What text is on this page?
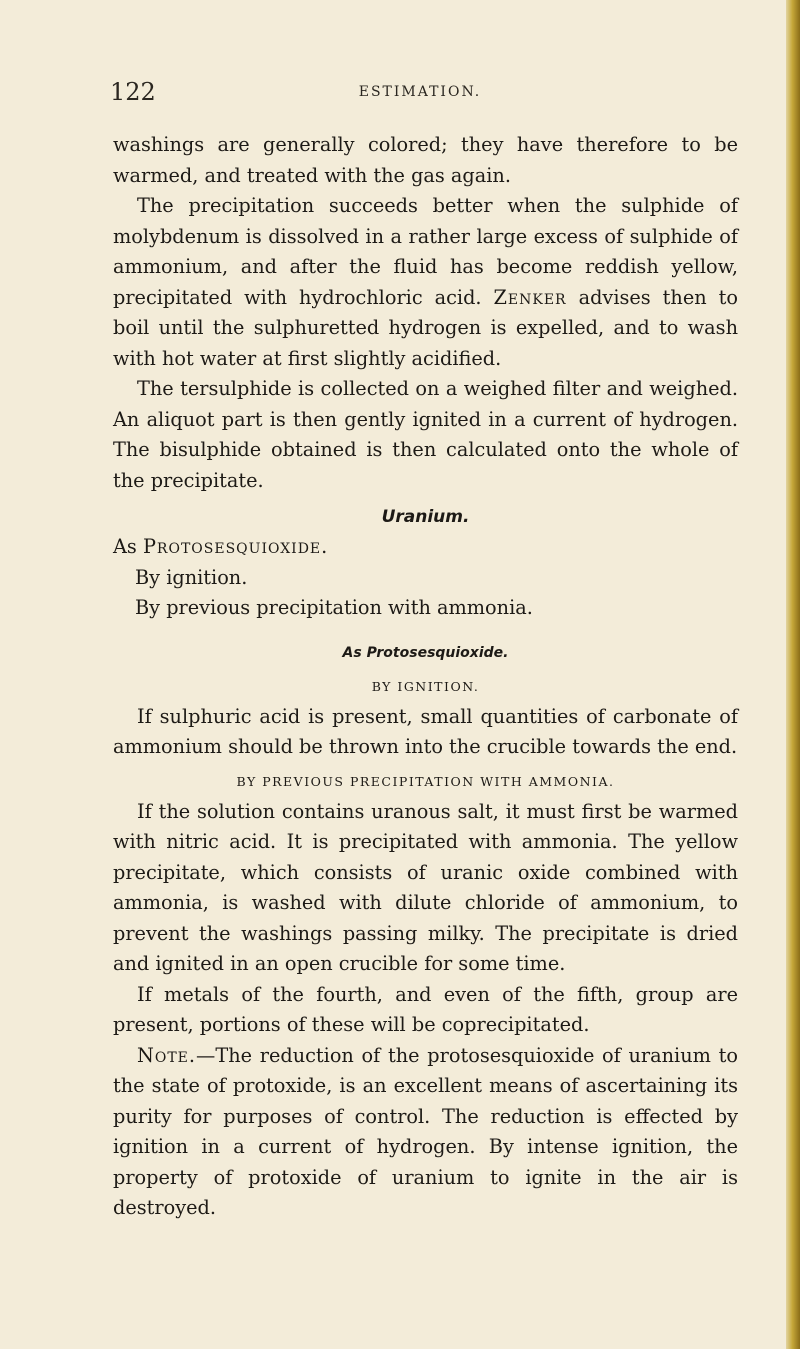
122	ESTIMATION.

washings are generally colored; they have therefore to be warmed, and treated with the gas again.

The precipitation succeeds better when the sulphide of molybdenum is dissolved in a rather large excess of sulphide of ammonium, and after the fluid has become reddish yellow, precipitated with hydrochloric acid. Zenker advises then to boil until the sulphuretted hydrogen is expelled, and to wash with hot water at first slightly acidified.

The tersulphide is collected on a weighed filter and weighed. An aliquot part is then gently ignited in a current of hydrogen. The bisulphide obtained is then calculated onto the whole of the precipitate.

Uranium.

As Protosesquioxide.

By ignition.

By previous precipitation with ammonia.

As Protosesquioxide.
BY IGNITION.

If sulphuric acid is present, small quantities of carbonate of ammonium should be thrown into the crucible towards the end.

BY PREVIOUS PRECIPITATION WITH AMMONIA.

If the solution contains uranous salt, it must first be warmed with nitric acid. It is precipitated with ammonia. The yellow precipitate, which consists of uranic oxide combined with ammonia, is washed with dilute chloride of ammonium, to prevent the washings passing milky. The precipitate is dried and ignited in an open crucible for some time.

If metals of the fourth, and even of the fifth, group are present, portions of these will be coprecipitated.

Note.—The reduction of the protosesquioxide of uranium to the state of protoxide, is an excellent means of ascertaining its purity for purposes of control. The reduction is effected by ignition in a current of hydrogen. By intense ignition, the property of protoxide of uranium to ignite in the air is destroyed.
